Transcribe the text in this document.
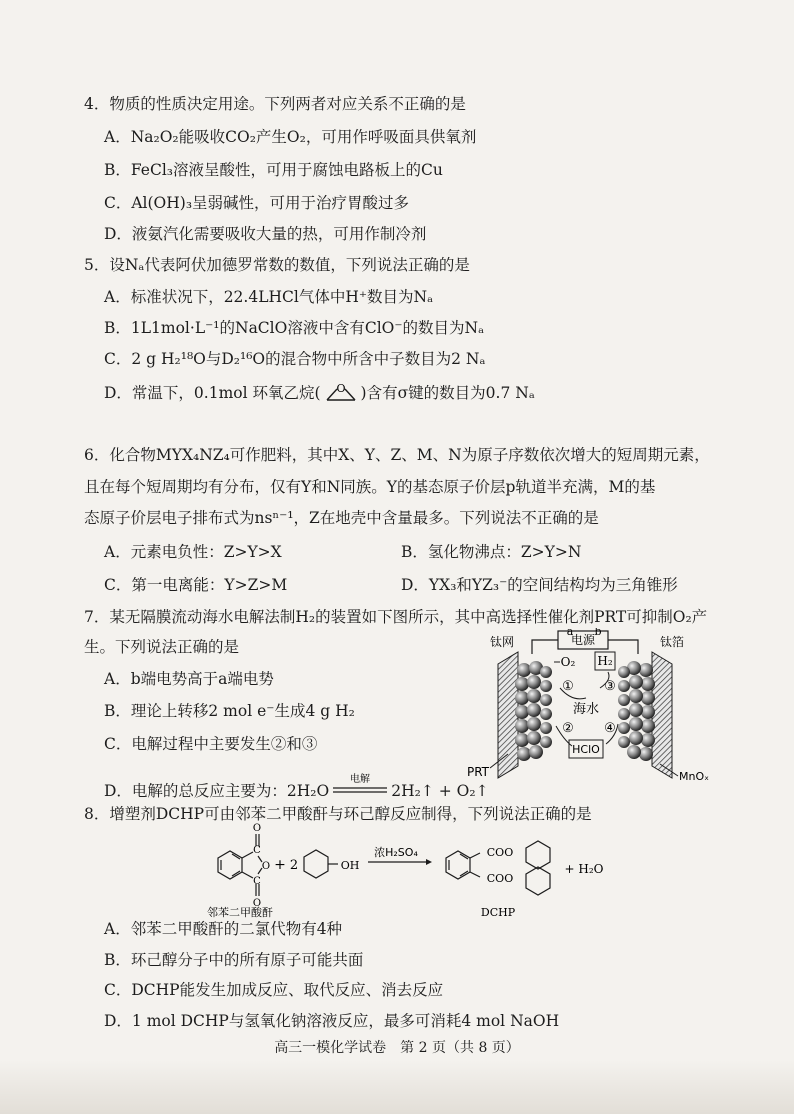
4．物质的性质决定用途。下列两者对应关系不正确的是
A．Na₂O₂能吸收CO₂产生O₂，可用作呼吸面具供氧剂
B．FeCl₃溶液呈酸性，可用于腐蚀电路板上的Cu
C．Al(OH)₃呈弱碱性，可用于治疗胃酸过多
D．液氨汽化需要吸收大量的热，可用作制冷剂
5．设Nₐ代表阿伏加德罗常数的数值，下列说法正确的是
A．标准状况下，22.4LHCl气体中H⁺数目为Nₐ
B．1L1mol·L⁻¹的NaClO溶液中含有ClO⁻的数目为Nₐ
C．2 g H₂¹⁸O与D₂¹⁶O的混合物中所含中子数目为2 Nₐ
D．常温下，0.1mol 环氧乙烷( O )含有σ键的数目为0.7 Nₐ
6．化合物MYX₄NZ₄可作肥料，其中X、Y、Z、M、N为原子序数依次增大的短周期元素，
且在每个短周期均有分布，仅有Y和N同族。Y的基态原子价层p轨道半充满，M的基
态原子价层电子排布式为nsⁿ⁻¹，Z在地壳中含量最多。下列说法不正确的是
A．元素电负性：Z>Y>X	B．氢化物沸点：Z>Y>N
C．第一电离能：Y>Z>M	D．YX₃和YZ₃⁻的空间结构均为三角锥形
7．某无隔膜流动海水电解法制H₂的装置如下图所示，其中高选择性催化剂PRT可抑制O₂产
生。下列说法正确的是
A．b端电势高于a端电势
B．理论上转移2 mol e⁻生成4 g H₂
C．电解过程中主要发生②和③
D．电解的总反应主要为：2H₂O
电解
2H₂↑ + O₂↑
电源
a b
钛网	钛箔
O₂ H₂
① ③
海水
② ④
HClO
PRT	MnOₓ
8．增塑剂DCHP可由邻苯二甲酸酐与环己醇反应制得，下列说法正确的是
O
C
O
C
O
邻苯二甲酸酐
+ 2	OH
浓H₂SO₄	COO
COO
+ H₂O
DCHP
A．邻苯二甲酸酐的二氯代物有4种
B．环己醇分子中的所有原子可能共面
C．DCHP能发生加成反应、取代反应、消去反应
D．1 mol DCHP与氢氧化钠溶液反应，最多可消耗4 mol NaOH
高三一模化学试卷　第 2 页（共 8 页）
